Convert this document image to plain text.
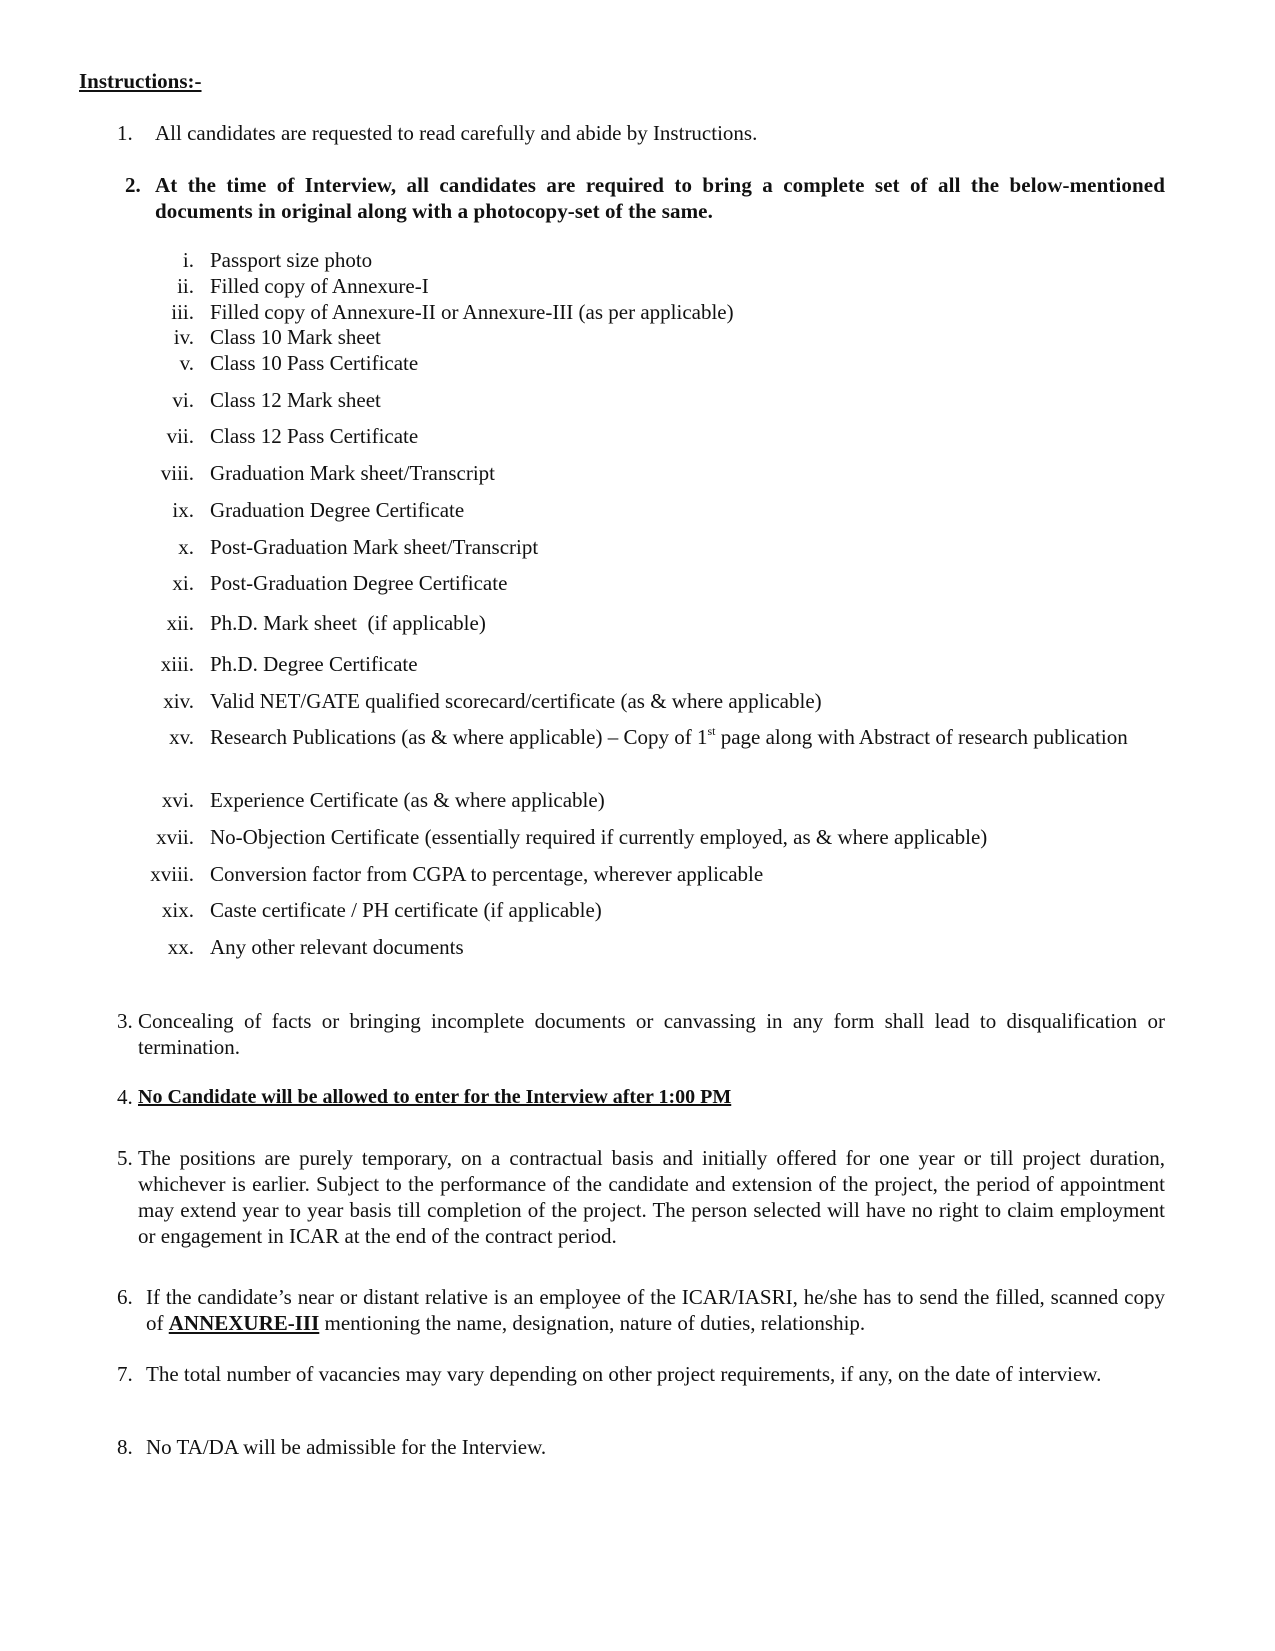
Instructions:-
1. All candidates are requested to read carefully and abide by Instructions.
2. At the time of Interview, all candidates are required to bring a complete set of all the below-mentioned documents in original along with a photocopy-set of the same.
i. Passport size photo
ii. Filled copy of Annexure-I
iii. Filled copy of Annexure-II or Annexure-III (as per applicable)
iv. Class 10 Mark sheet
v. Class 10 Pass Certificate
vi. Class 12 Mark sheet
vii. Class 12 Pass Certificate
viii. Graduation Mark sheet/Transcript
ix. Graduation Degree Certificate
x. Post-Graduation Mark sheet/Transcript
xi. Post-Graduation Degree Certificate
xii. Ph.D. Mark sheet  (if applicable)
xiii. Ph.D. Degree Certificate
xiv. Valid NET/GATE qualified scorecard/certificate (as & where applicable)
xv. Research Publications (as & where applicable) – Copy of 1st page along with Abstract of research publication
xvi. Experience Certificate (as & where applicable)
xvii. No-Objection Certificate (essentially required if currently employed, as & where applicable)
xviii. Conversion factor from CGPA to percentage, wherever applicable
xix. Caste certificate / PH certificate (if applicable)
xx. Any other relevant documents
3. Concealing of facts or bringing incomplete documents or canvassing in any form shall lead to disqualification or termination.
4. No Candidate will be allowed to enter for the Interview after 1:00 PM
5. The positions are purely temporary, on a contractual basis and initially offered for one year or till project duration, whichever is earlier. Subject to the performance of the candidate and extension of the project, the period of appointment may extend year to year basis till completion of the project. The person selected will have no right to claim employment or engagement in ICAR at the end of the contract period.
6. If the candidate’s near or distant relative is an employee of the ICAR/IASRI, he/she has to send the filled, scanned copy of ANNEXURE-III mentioning the name, designation, nature of duties, relationship.
7. The total number of vacancies may vary depending on other project requirements, if any, on the date of interview.
8. No TA/DA will be admissible for the Interview.
